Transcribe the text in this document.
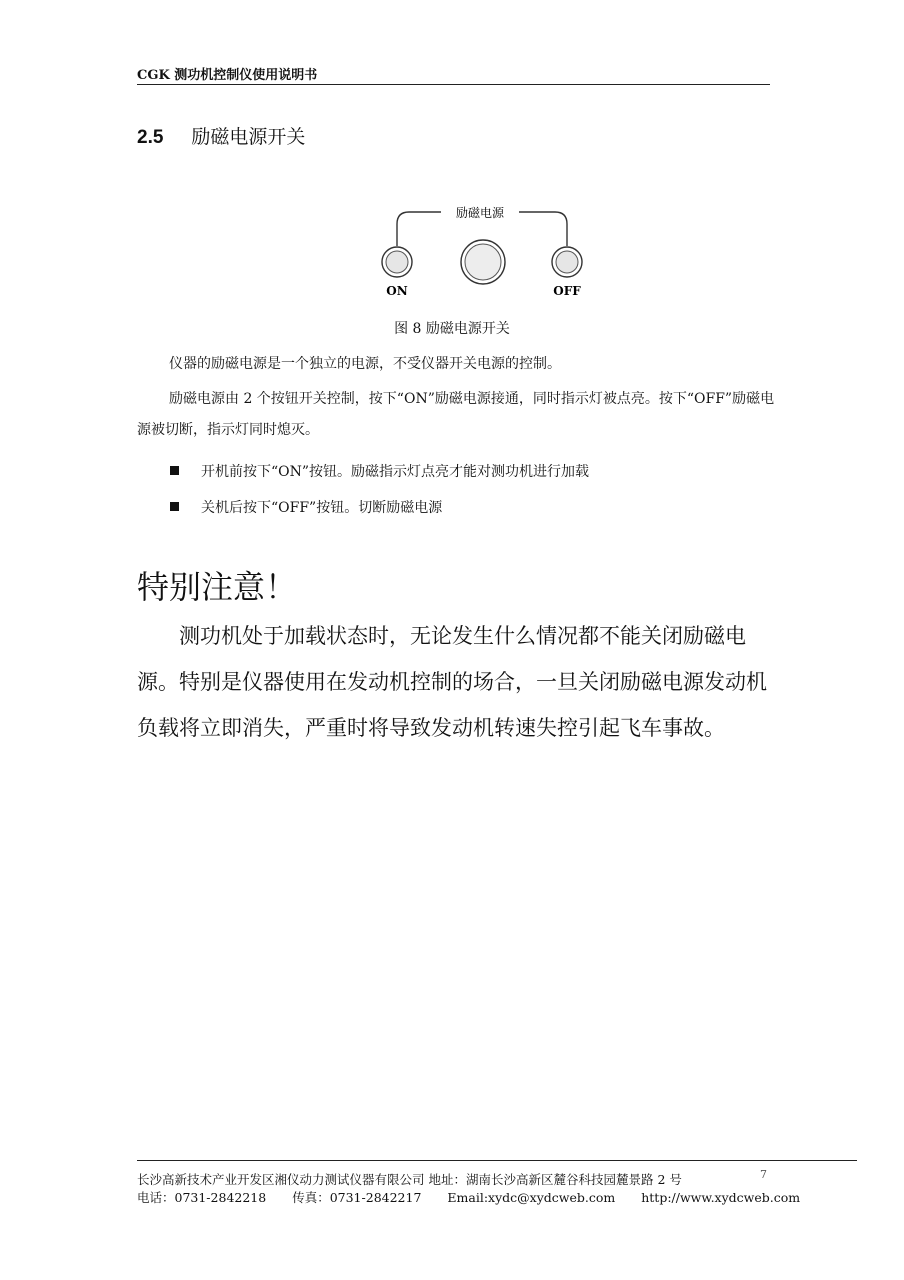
CGK 测功机控制仪使用说明书
2.5 励磁电源开关
励磁电源
ON	OFF
图 8 励磁电源开关
仪器的励磁电源是一个独立的电源，不受仪器开关电源的控制。
励磁电源由 2 个按钮开关控制，按下“ON”励磁电源接通，同时指示灯被点亮。按下“OFF”励磁电源被切断，指示灯同时熄灭。
开机前按下“ON”按钮。励磁指示灯点亮才能对测功机进行加载
关机后按下“OFF”按钮。切断励磁电源
特别注意！
测功机处于加载状态时，无论发生什么情况都不能关闭励磁电源。特别是仪器使用在发动机控制的场合，一旦关闭励磁电源发动机负载将立即消失，严重时将导致发动机转速失控引起飞车事故。
长沙高新技术产业开发区湘仪动力测试仪器有限公司 地址：湖南长沙高新区麓谷科技园麓景路 2 号
电话：0731-2842218 传真：0731-2842217 Email:xydc@xydcweb.com http://www.xydcweb.com
7
